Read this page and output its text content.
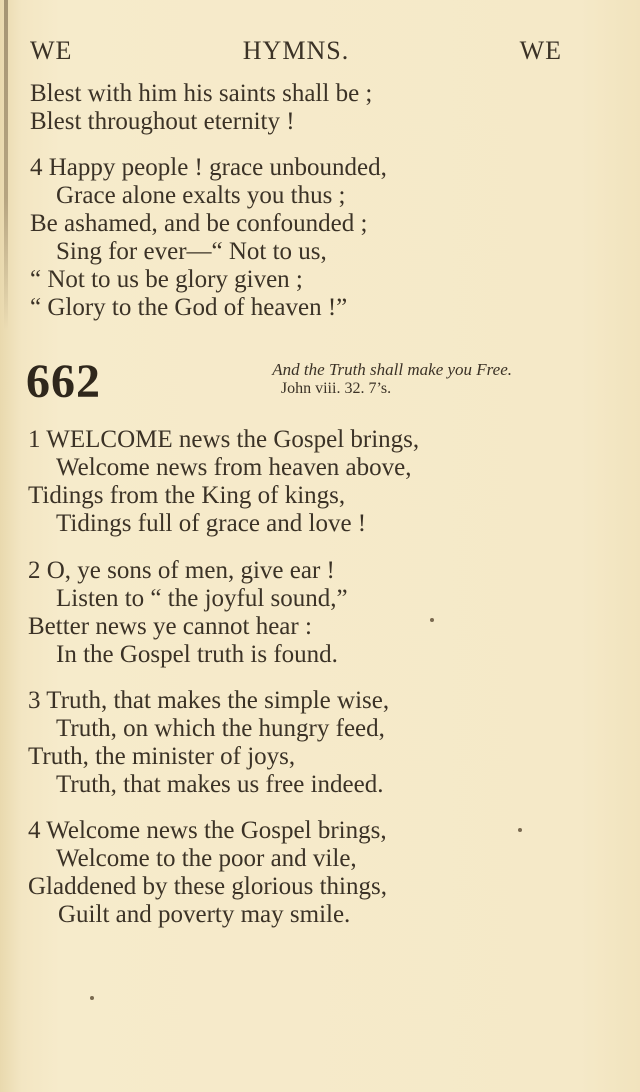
HYMNS.
WE	WE
Blest with him his saints shall be ;
Blest throughout eternity !
4 Happy people ! grace unbounded,
Grace alone exalts you thus ;
Be ashamed, and be confounded ;
Sing for ever—“ Not to us,
“ Not to us be glory given ;
“ Glory to the God of heaven !”
662	And the Truth shall make you Free.
John viii. 32. 7’s.
1 WELCOME news the Gospel brings,
Welcome news from heaven above,
Tidings from the King of kings,
Tidings full of grace and love !
2 O, ye sons of men, give ear !
Listen to “ the joyful sound,”
Better news ye cannot hear :
In the Gospel truth is found.
3 Truth, that makes the simple wise,
Truth, on which the hungry feed,
Truth, the minister of joys,
Truth, that makes us free indeed.
4 Welcome news the Gospel brings,
Welcome to the poor and vile,
Gladdened by these glorious things,
Guilt and poverty may smile.
